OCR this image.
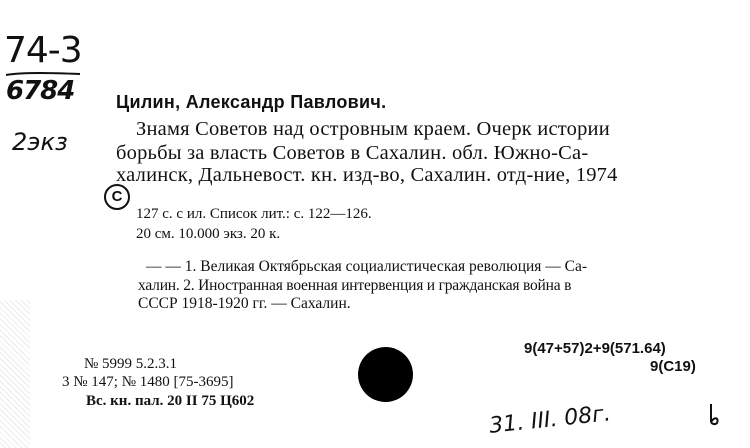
74-3
6784
2экз
Цилин, Александр Павлович.
Знамя Советов над островным краем. Очерк истории
борьбы за власть Советов в Сахалин. обл. Южно-Са-
халинск, Дальневост. кн. изд-во, Сахалин. отд-ние, 1974
C
127 с. с ил. Список лит.: с. 122—126.
20 см. 10.000 экз. 20 к.
— — 1. Великая Октябрьская социалистическая революция — Са-
халин. 2. Иностранная военная интервенция и гражданская война в
СССР 1918-1920 гг. — Сахалин.
9(47+57)2+9(571.64)
9(C19)
№ 5999 5.2.3.1
3 № 147; № 1480 [75-3695]
Вс. кн. пал. 20 II 75 Ц602
31. III. 08г.
